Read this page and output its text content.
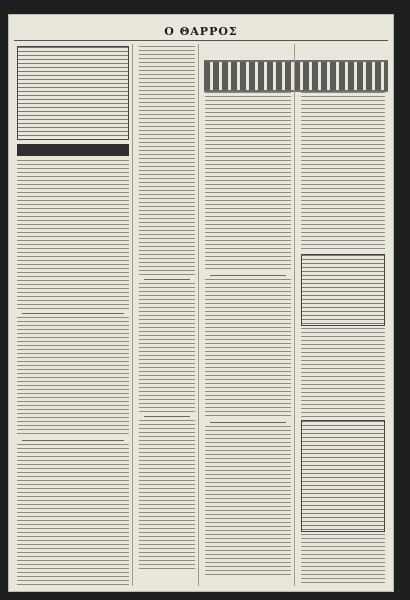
Ο ΘΑΡΡΟΣ
